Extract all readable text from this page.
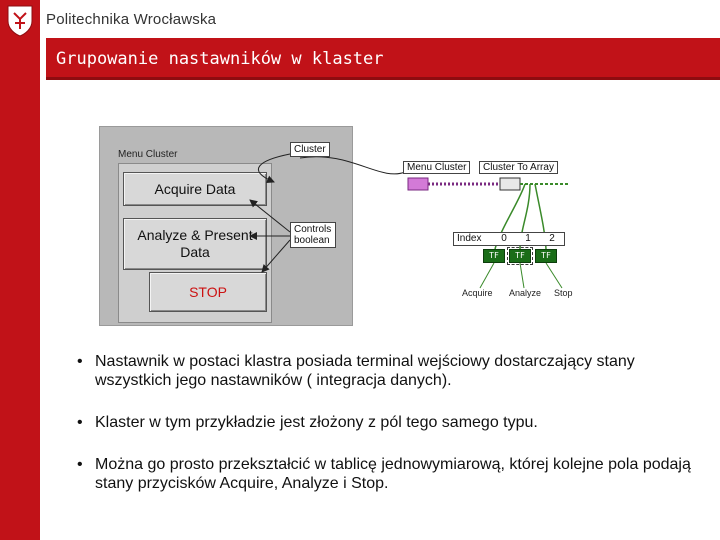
Politechnika Wrocławska
Grupowanie nastawników w klaster
Menu Cluster
Acquire Data
Analyze & Present Data
STOP
Cluster
Controls boolean
Menu Cluster	Cluster To Array
Index	0	1	2
TF	TF	TF
Acquire Analyze Stop
• Nastawnik w postaci klastra posiada terminal wejściowy dostarczający stany wszystkich jego nastawników ( integracja danych).
• Klaster w tym przykładzie jest złożony z pól tego samego typu.
• Można go prosto przekształcić w tablicę jednowymiarową, której kolejne pola podają stany przycisków Acquire, Analyze i Stop.
